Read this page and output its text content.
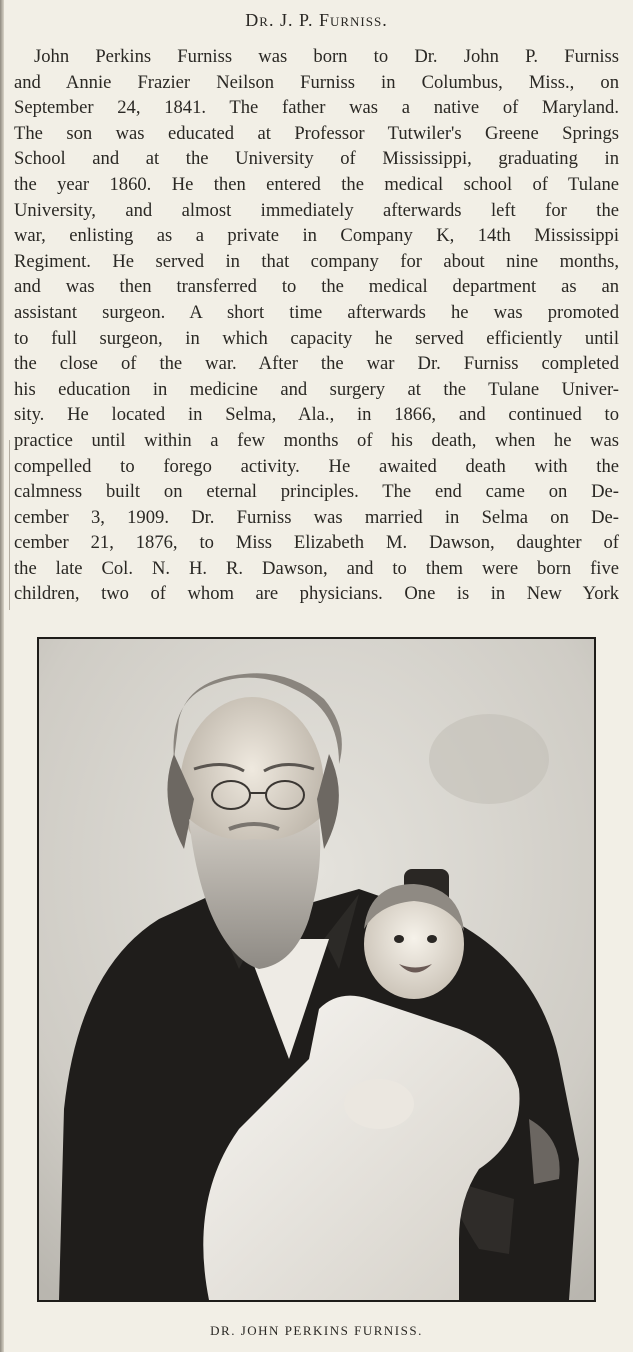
Dr. J. P. Furniss.
John Perkins Furniss was born to Dr. John P. Furniss
and Annie Frazier Neilson Furniss in Columbus, Miss., on
September 24, 1841. The father was a native of Maryland.
The son was educated at Professor Tutwiler's Greene Springs
School and at the University of Mississippi, graduating in
the year 1860. He then entered the medical school of Tulane
University, and almost immediately afterwards left for the
war, enlisting as a private in Company K, 14th Mississippi
Regiment. He served in that company for about nine months,
and was then transferred to the medical department as an
assistant surgeon. A short time afterwards he was promoted
to full surgeon, in which capacity he served efficiently until
the close of the war. After the war Dr. Furniss completed
his education in medicine and surgery at the Tulane Univer-
sity. He located in Selma, Ala., in 1866, and continued to
practice until within a few months of his death, when he was
compelled to forego activity. He awaited death with the
calmness built on eternal principles. The end came on De-
cember 3, 1909. Dr. Furniss was married in Selma on De-
cember 21, 1876, to Miss Elizabeth M. Dawson, daughter of
the late Col. N. H. R. Dawson, and to them were born five
children, two of whom are physicians. One is in New York
DR. JOHN PERKINS FURNISS.
